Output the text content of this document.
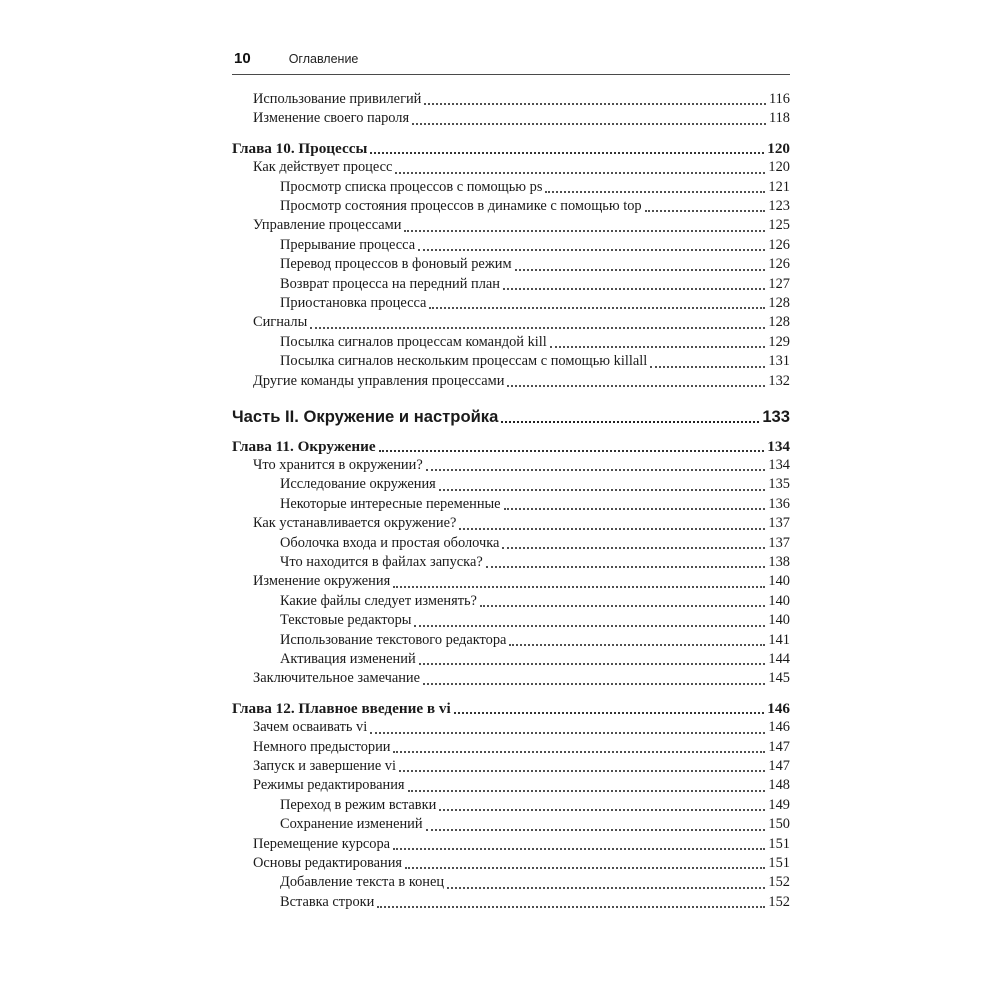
10	Оглавление
Использование привилегий	116
Изменение своего пароля	118
Глава 10. Процессы	120
Как действует процесс	120
Просмотр списка процессов с помощью ps	121
Просмотр состояния процессов в динамике с помощью top	123
Управление процессами	125
Прерывание процесса	126
Перевод процессов в фоновый режим	126
Возврат процесса на передний план	127
Приостановка процесса	128
Сигналы	128
Посылка сигналов процессам командой kill	129
Посылка сигналов нескольким процессам с помощью killall	131
Другие команды управления процессами	132
Часть II. Окружение и настройка	133
Глава 11. Окружение	134
Что хранится в окружении?	134
Исследование окружения	135
Некоторые интересные переменные	136
Как устанавливается окружение?	137
Оболочка входа и простая оболочка	137
Что находится в файлах запуска?	138
Изменение окружения	140
Какие файлы следует изменять?	140
Текстовые редакторы	140
Использование текстового редактора	141
Активация изменений	144
Заключительное замечание	145
Глава 12. Плавное введение в vi	146
Зачем осваивать vi	146
Немного предыстории	147
Запуск и завершение vi	147
Режимы редактирования	148
Переход в режим вставки	149
Сохранение изменений	150
Перемещение курсора	151
Основы редактирования	151
Добавление текста в конец	152
Вставка строки	152
